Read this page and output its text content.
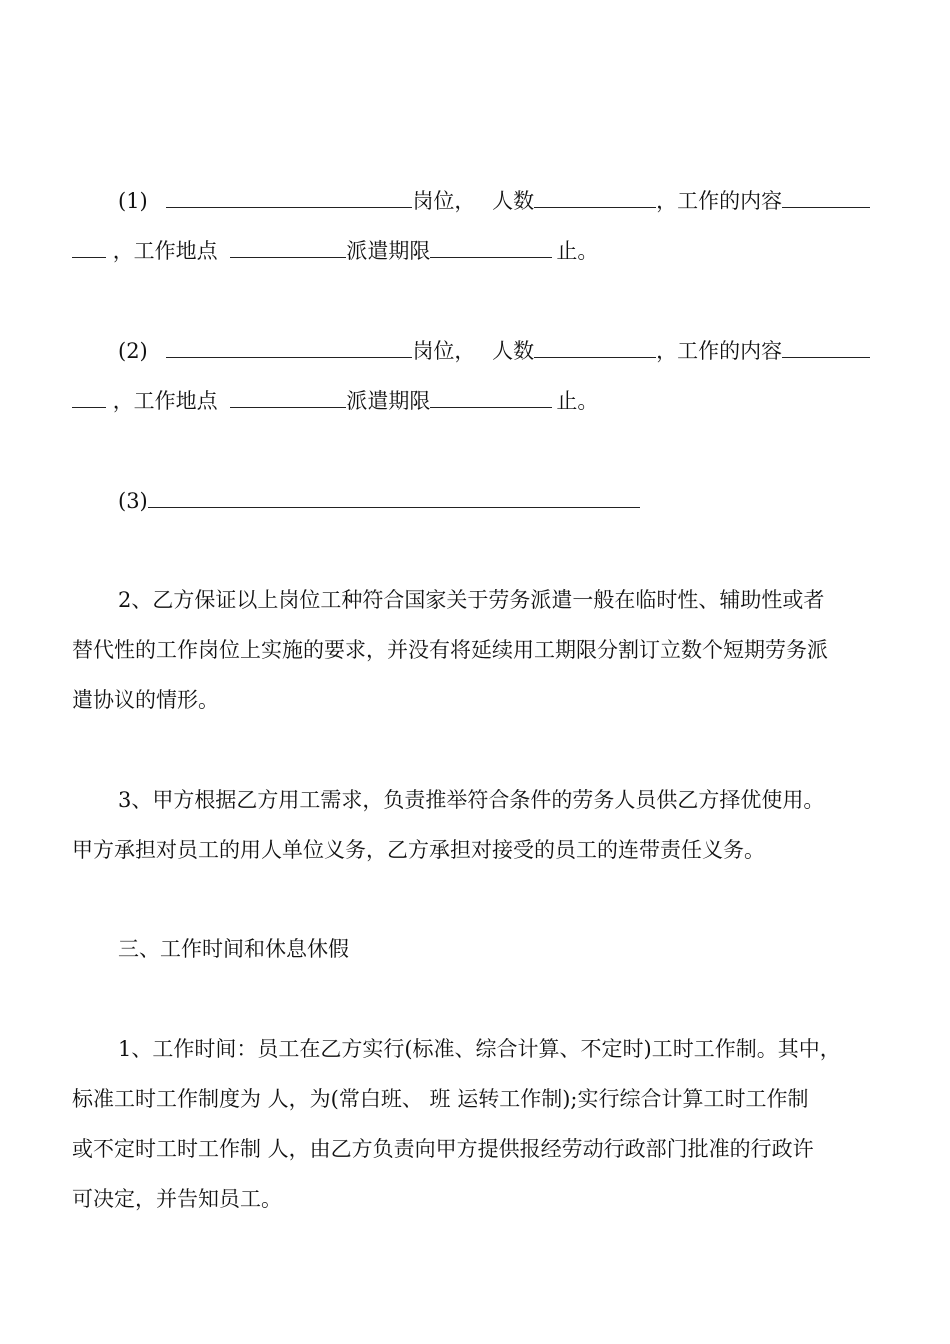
(1)	岗位， 人数	，工作的内容
，工作地点	派遣期限	止。
(2)	岗位， 人数	，工作的内容
，工作地点	派遣期限	止。
(3)
2、乙方保证以上岗位工种符合国家关于劳务派遣一般在临时性、辅助性或者
替代性的工作岗位上实施的要求，并没有将延续用工期限分割订立数个短期劳务派
遣协议的情形。
3、甲方根据乙方用工需求，负责推举符合条件的劳务人员供乙方择优使用。
甲方承担对员工的用人单位义务，乙方承担对接受的员工的连带责任义务。
三、工作时间和休息休假
1、工作时间：员工在乙方实行(标准、综合计算、不定时)工时工作制。其中，
标准工时工作制度为 人，为(常白班、 班 运转工作制);实行综合计算工时工作制
或不定时工时工作制 人，由乙方负责向甲方提供报经劳动行政部门批准的行政许
可决定，并告知员工。
